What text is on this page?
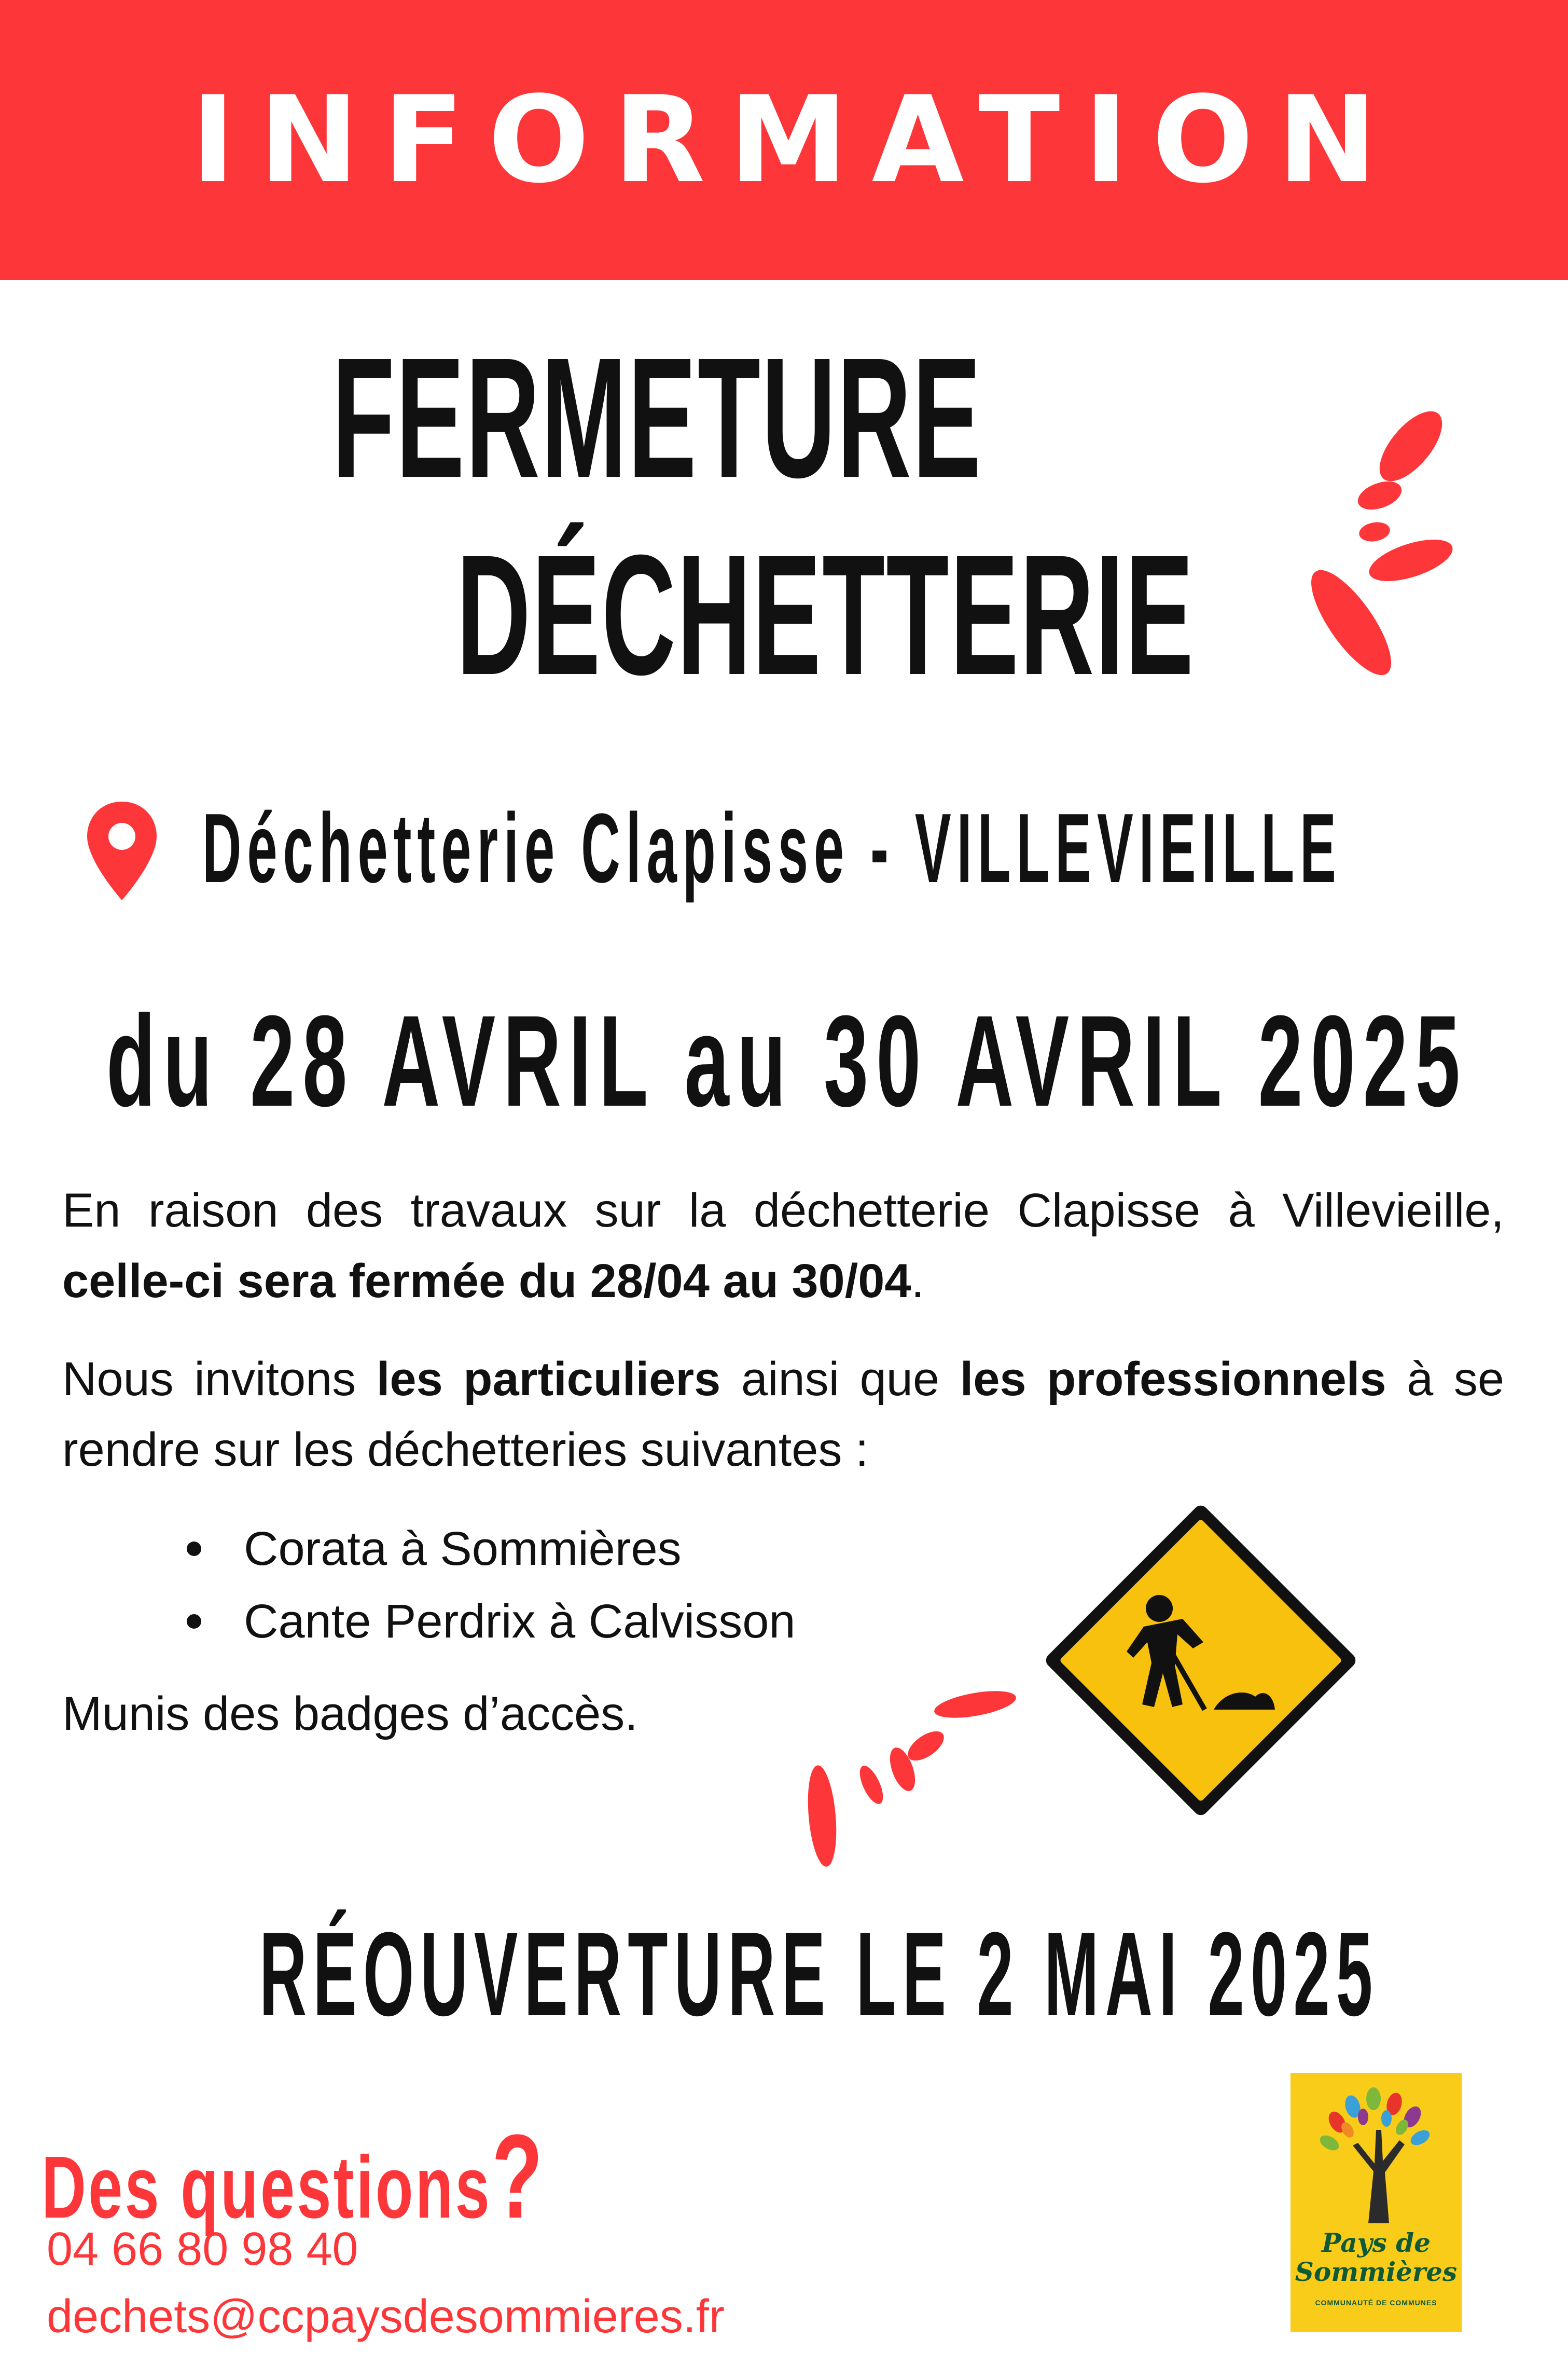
INFORMATION
FERMETURE
DÉCHETTERIE
Déchetterie Clapisse - VILLEVIEILLE
du 28 AVRIL au 30 AVRIL 2025

En raison des travaux sur la déchetterie Clapisse à Villevieille, celle-ci sera fermée du 28/04 au 30/04.

Nous invitons les particuliers ainsi que les professionnels à se rendre sur les déchetteries suivantes :

Corata à Sommières
Cante Perdrix à Calvisson

Munis des badges d’accès.

RÉOUVERTURE LE 2 MAI 2025
Des questions?
04 66 80 98 40
dechets@ccpaysdesommieres.fr
Pays de
Sommières
COMMUNAUTÉ DE COMMUNES
